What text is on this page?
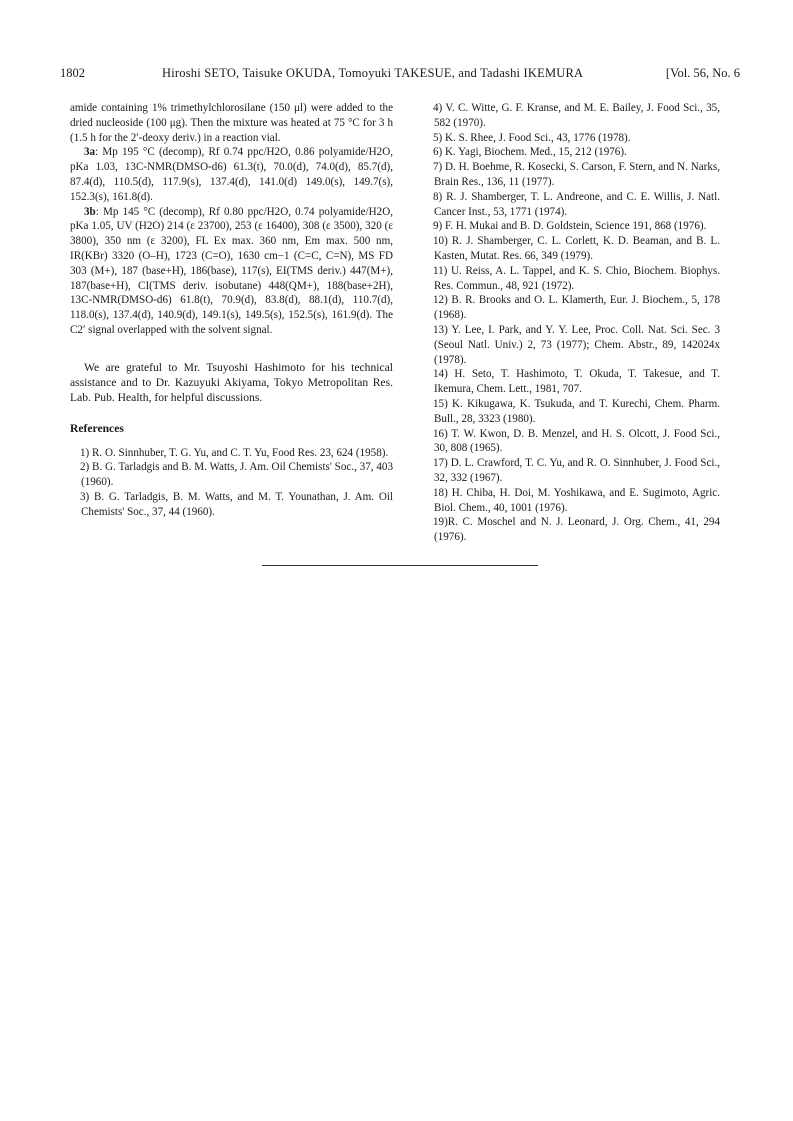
1802	Hiroshi SETO, Taisuke OKUDA, Tomoyuki TAKESUE, and Tadashi IKEMURA	[Vol. 56, No. 6

amide containing 1% trimethylchlorosilane (150 μl) were added to the dried nucleoside (100 μg). Then the mixture was heated at 75 °C for 3 h (1.5 h for the 2′-deoxy deriv.) in a reaction vial.

3a: Mp 195 °C (decomp), Rf 0.74 ppc/H2O, 0.86 polyamide/H2O, pKa 1.03, 13C-NMR(DMSO-d6) 61.3(t), 70.0(d), 74.0(d), 85.7(d), 87.4(d), 110.5(d), 117.9(s), 137.4(d), 141.0(d) 149.0(s), 149.7(s), 152.3(s), 161.8(d).

3b: Mp 145 °C (decomp), Rf 0.80 ppc/H2O, 0.74 polyamide/H2O, pKa 1.05, UV (H2O) 214 (ε 23700), 253 (ε 16400), 308 (ε 3500), 320 (ε 3800), 350 nm (ε 3200), FL Ex max. 360 nm, Em max. 500 nm, IR(KBr) 3320 (O–H), 1723 (C=O), 1630 cm−1 (C=C, C=N), MS FD 303 (M+), 187 (base+H), 186(base), 117(s), EI(TMS deriv.) 447(M+), 187(base+H), CI(TMS deriv. isobutane) 448(QM+), 188(base+2H), 13C-NMR(DMSO-d6) 61.8(t), 70.9(d), 83.8(d), 88.1(d), 110.7(d), 118.0(s), 137.4(d), 140.9(d), 149.1(s), 149.5(s), 152.5(s), 161.9(d). The C2′ signal overlapped with the solvent signal.

We are grateful to Mr. Tsuyoshi Hashimoto for his technical assistance and to Dr. Kazuyuki Akiyama, Tokyo Metropolitan Res. Lab. Pub. Health, for helpful discussions.

References

1) R. O. Sinnhuber, T. G. Yu, and C. T. Yu, Food Res. 23, 624 (1958).

2) B. G. Tarladgis and B. M. Watts, J. Am. Oil Chemists' Soc., 37, 403 (1960).

3) B. G. Tarladgis, B. M. Watts, and M. T. Younathan, J. Am. Oil Chemists' Soc., 37, 44 (1960).

4) V. C. Witte, G. F. Kranse, and M. E. Bailey, J. Food Sci., 35, 582 (1970).

5) K. S. Rhee, J. Food Sci., 43, 1776 (1978).

6) K. Yagi, Biochem. Med., 15, 212 (1976).

7) D. H. Boehme, R. Kosecki, S. Carson, F. Stern, and N. Narks, Brain Res., 136, 11 (1977).

8) R. J. Shamberger, T. L. Andreone, and C. E. Willis, J. Natl. Cancer Inst., 53, 1771 (1974).

9) F. H. Mukai and B. D. Goldstein, Science 191, 868 (1976).

10) R. J. Shamberger, C. L. Corlett, K. D. Beaman, and B. L. Kasten, Mutat. Res. 66, 349 (1979).

11) U. Reiss, A. L. Tappel, and K. S. Chio, Biochem. Biophys. Res. Commun., 48, 921 (1972).

12) B. R. Brooks and O. L. Klamerth, Eur. J. Biochem., 5, 178 (1968).

13) Y. Lee, I. Park, and Y. Y. Lee, Proc. Coll. Nat. Sci. Sec. 3 (Seoul Natl. Univ.) 2, 73 (1977); Chem. Abstr., 89, 142024x (1978).

14) H. Seto, T. Hashimoto, T. Okuda, T. Takesue, and T. Ikemura, Chem. Lett., 1981, 707.

15) K. Kikugawa, K. Tsukuda, and T. Kurechi, Chem. Pharm. Bull., 28, 3323 (1980).

16) T. W. Kwon, D. B. Menzel, and H. S. Olcott, J. Food Sci., 30, 808 (1965).

17) D. L. Crawford, T. C. Yu, and R. O. Sinnhuber, J. Food Sci., 32, 332 (1967).

18) H. Chiba, H. Doi, M. Yoshikawa, and E. Sugimoto, Agric. Biol. Chem., 40, 1001 (1976).

19)R. C. Moschel and N. J. Leonard, J. Org. Chem., 41, 294 (1976).
